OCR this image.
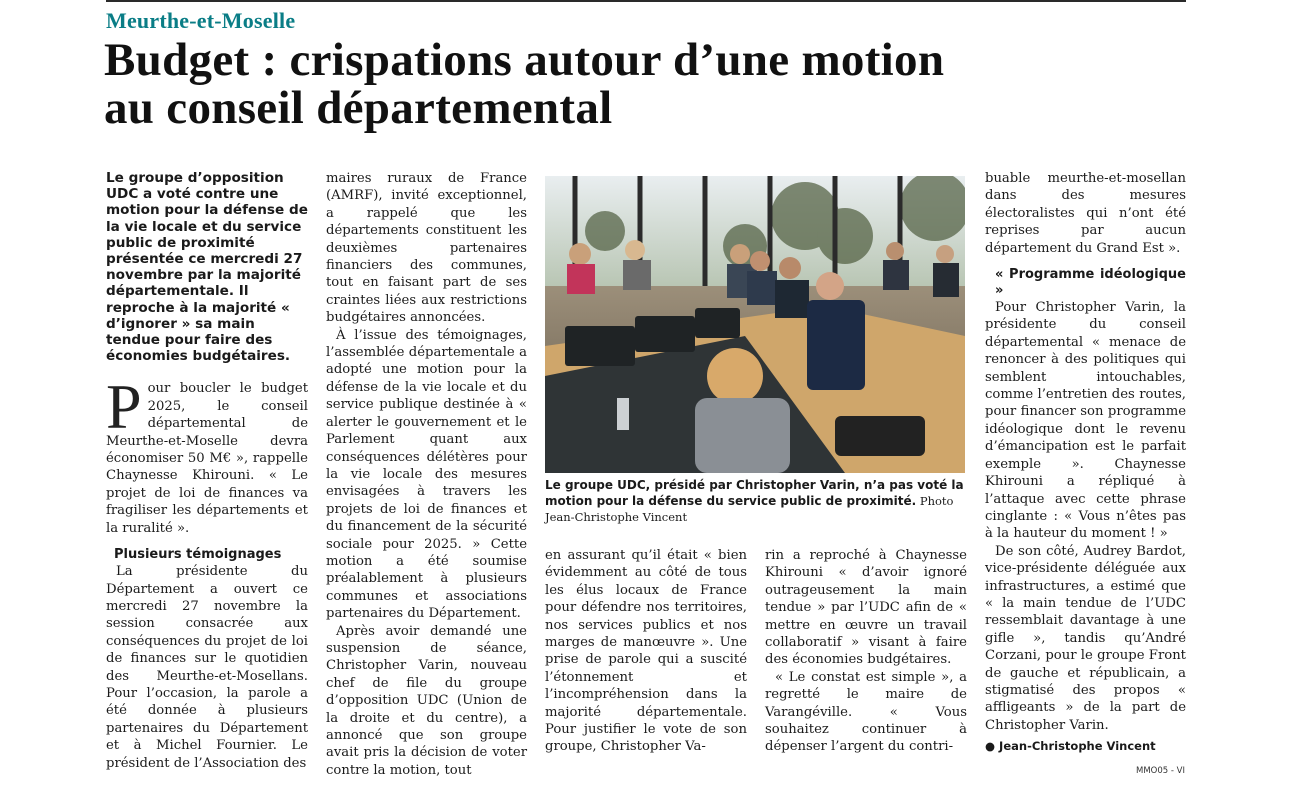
Meurthe-et-Moselle
Budget : crispations autour d’une motion
au conseil départemental

Le groupe d’opposition UDC a voté contre une motion pour la défense de la vie locale et du service public de proximité présentée ce mercredi 27 novembre par la majorité départementale. Il reproche à la majorité « d’ignorer » sa main tendue pour faire des économies budgétaires.

Pour boucler le budget 2025, le conseil départemental de Meurthe-et-Moselle devra économiser 50 M€ », rappelle Chaynesse Khirouni. « Le projet de loi de finances va fragiliser les départements et la ruralité ».

Plusieurs témoignages

La présidente du Département a ouvert ce mercredi 27 novembre la session consacrée aux conséquences du projet de loi de finances sur le quotidien des Meurthe-et-Mosellans. Pour l’occasion, la parole a été donnée à plusieurs partenaires du Département et à Michel Fournier. Le président de l’Association des

maires ruraux de France (AMRF), invité exceptionnel, a rappelé que les départements constituent les deuxièmes partenaires financiers des communes, tout en faisant part de ses craintes liées aux restrictions budgétaires annoncées.

À l’issue des témoignages, l’assemblée départementale a adopté une motion pour la défense de la vie locale et du service publique destinée à « alerter le gouvernement et le Parlement quant aux conséquences délétères pour la vie locale des mesures envisagées à travers les projets de loi de finances et du financement de la sécurité sociale pour 2025. » Cette motion a été soumise préalablement à plusieurs communes et associations partenaires du Département.

Après avoir demandé une suspension de séance, Christopher Varin, nouveau chef de file du groupe d’opposition UDC (Union de la droite et du centre), a annoncé que son groupe avait pris la décision de voter contre la motion, tout

Le groupe UDC, présidé par Christopher Varin, n’a pas voté la motion pour la défense du service public de proximité. Photo Jean-Christophe Vincent

en assurant qu’il était « bien évidemment au côté de tous les élus locaux de France pour défendre nos territoires, nos services publics et nos marges de manœuvre ». Une prise de parole qui a suscité l’étonnement et l’incompréhension dans la majorité départementale. Pour justifier le vote de son groupe, Christopher Va-

rin a reproché à Chaynesse Khirouni « d’avoir ignoré outrageusement la main tendue » par l’UDC afin de « mettre en œuvre un travail collaboratif » visant à faire des économies budgétaires.

« Le constat est simple », a regretté le maire de Varangéville. « Vous souhaitez continuer à dépenser l’argent du contri-

buable meurthe-et-mosellan dans des mesures électoralistes qui n’ont été reprises par aucun département du Grand Est ».

« Programme idéologique »

Pour Christopher Varin, la présidente du conseil départemental « menace de renoncer à des politiques qui semblent intouchables, comme l’entretien des routes, pour financer son programme idéologique dont le revenu d’émancipation est le parfait exemple ». Chaynesse Khirouni a répliqué à l’attaque avec cette phrase cinglante : « Vous n’êtes pas à la hauteur du moment ! »

De son côté, Audrey Bardot, vice-présidente déléguée aux infrastructures, a estimé que « la main tendue de l’UDC ressemblait davantage à une gifle », tandis qu’André Corzani, pour le groupe Front de gauche et républicain, a stigmatisé des propos « affligeants » de la part de Christopher Varin.

● Jean-Christophe Vincent

MMO05 - VI
